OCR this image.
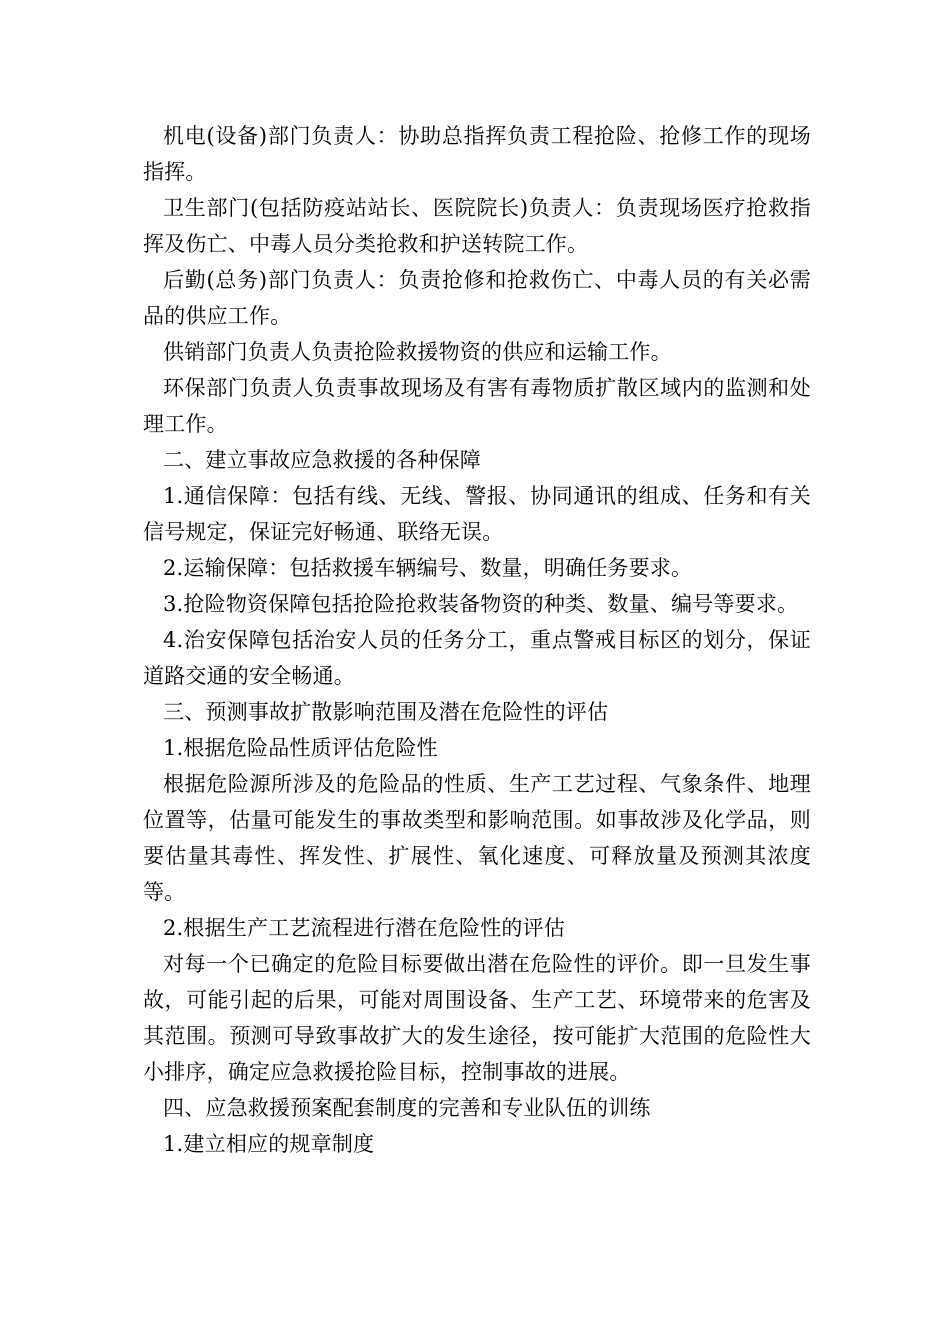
机电(设备)部门负责人：协助总指挥负责工程抢险、抢修工作的现场指挥。

卫生部门(包括防疫站站长、医院院长)负责人：负责现场医疗抢救指挥及伤亡、中毒人员分类抢救和护送转院工作。

后勤(总务)部门负责人：负责抢修和抢救伤亡、中毒人员的有关必需品的供应工作。

供销部门负责人负责抢险救援物资的供应和运输工作。

环保部门负责人负责事故现场及有害有毒物质扩散区域内的监测和处理工作。

二、建立事故应急救援的各种保障

1.通信保障：包括有线、无线、警报、协同通讯的组成、任务和有关信号规定，保证完好畅通、联络无误。

2.运输保障：包括救援车辆编号、数量，明确任务要求。

3.抢险物资保障包括抢险抢救装备物资的种类、数量、编号等要求。

4.治安保障包括治安人员的任务分工，重点警戒目标区的划分，保证道路交通的安全畅通。

三、预测事故扩散影响范围及潜在危险性的评估

1.根据危险品性质评估危险性

根据危险源所涉及的危险品的性质、生产工艺过程、气象条件、地理位置等，估量可能发生的事故类型和影响范围。如事故涉及化学品，则要估量其毒性、挥发性、扩展性、氧化速度、可释放量及预测其浓度等。

2.根据生产工艺流程进行潜在危险性的评估

对每一个已确定的危险目标要做出潜在危险性的评价。即一旦发生事故，可能引起的后果，可能对周围设备、生产工艺、环境带来的危害及其范围。预测可导致事故扩大的发生途径，按可能扩大范围的危险性大小排序，确定应急救援抢险目标，控制事故的进展。

四、应急救援预案配套制度的完善和专业队伍的训练

1.建立相应的规章制度
